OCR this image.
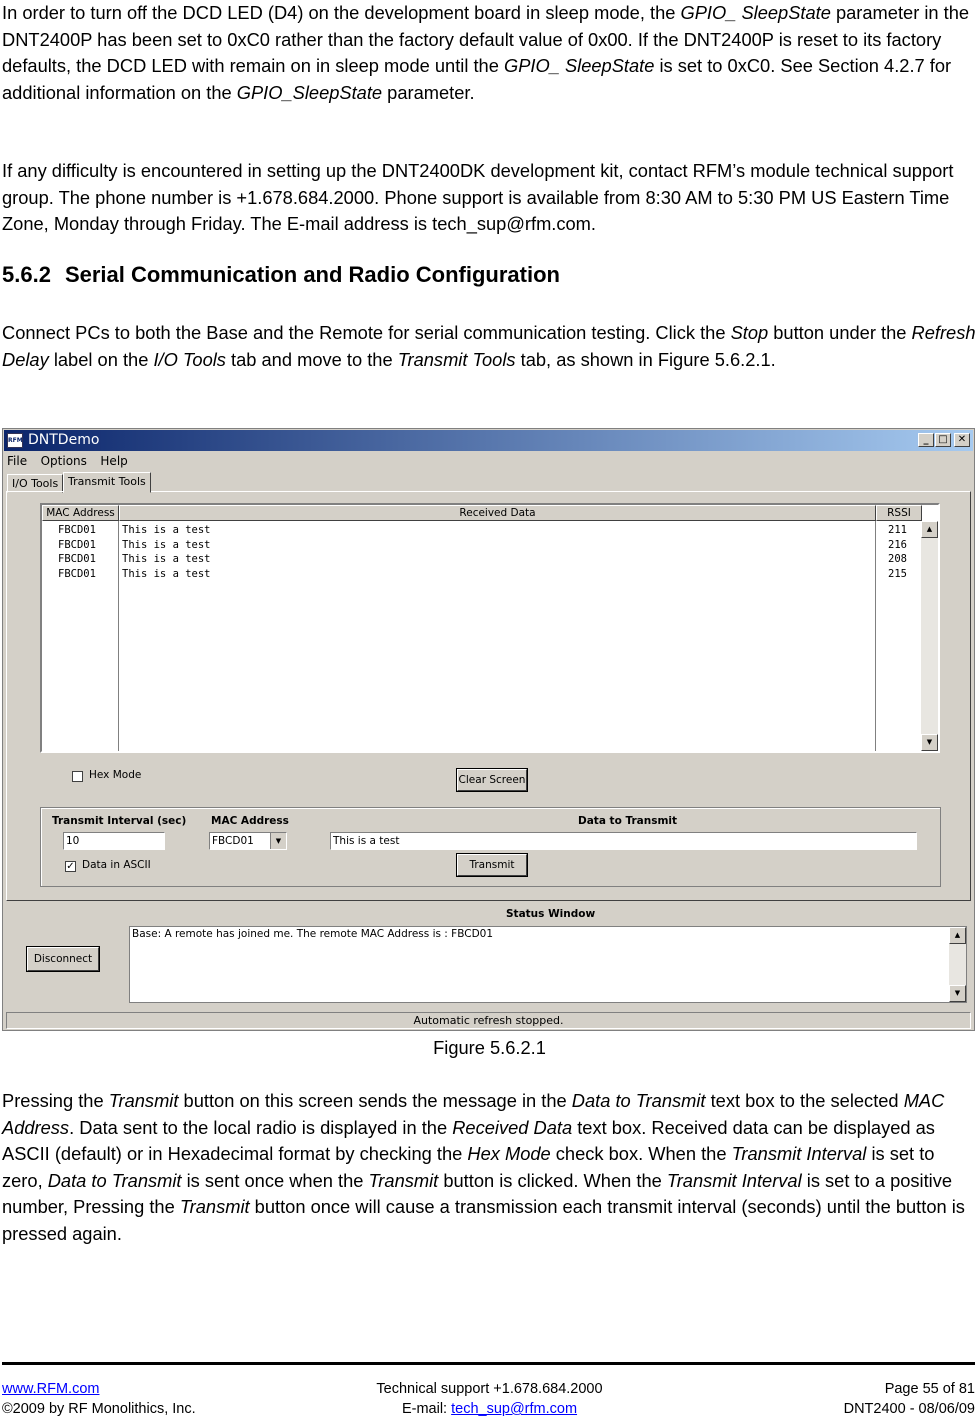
In order to turn off the DCD LED (D4) on the development board in sleep mode, the GPIO_ SleepState parameter in the DNT2400P has been set to 0xC0 rather than the factory default value of 0x00. If the DNT2400P is reset to its factory defaults, the DCD LED with remain on in sleep mode until the GPIO_ SleepState is set to 0xC0. See Section 4.2.7 for additional information on the GPIO_SleepState parameter.

If any difficulty is encountered in setting up the DNT2400DK development kit, contact RFM’s module technical support group. The phone number is +1.678.684.2000. Phone support is available from 8:30 AM to 5:30 PM US Eastern Time Zone, Monday through Friday. The E-mail address is tech_sup@rfm.com.

5.6.2 Serial Communication and Radio Configuration

Connect PCs to both the Base and the Remote for serial communication testing. Click the Stop button under the Refresh Delay label on the I/O Tools tab and move to the Transmit Tools tab, as shown in Figure 5.6.2.1.

RFM DNTDemo	_ □	✕
File Options Help
I/O Tools Transmit Tools
MAC Address	Received Data	RSSI
FBCD01 This is a test	211
FBCD01 This is a test	216
FBCD01 This is a test	208
FBCD01 This is a test	215
▲
▼
Hex Mode	Clear Screen
Transmit Interval (sec) MAC Address	Data to Transmit
10	FBCD01	▼	This is a test
✓ Data in ASCII	Transmit
Status Window
Disconnect
Base: A remote has joined me. The remote MAC Address is : FBCD01	▲
▼
Automatic refresh stopped.
Figure 5.6.2.1

Pressing the Transmit button on this screen sends the message in the Data to Transmit text box to the selected MAC Address. Data sent to the local radio is displayed in the Received Data text box. Received data can be displayed as ASCII (default) or in Hexadecimal format by checking the Hex Mode check box. When the Transmit Interval is set to zero, Data to Transmit is sent once when the Transmit button is clicked. When the Transmit Interval is set to a positive number, Pressing the Transmit button once will cause a transmission each transmit interval (seconds) until the button is pressed again.

www.RFM.com
©2009 by RF Monolithics, Inc.
Technical support +1.678.684.2000
E-mail: tech_sup@rfm.com
Page 55 of 81
DNT2400 - 08/06/09
